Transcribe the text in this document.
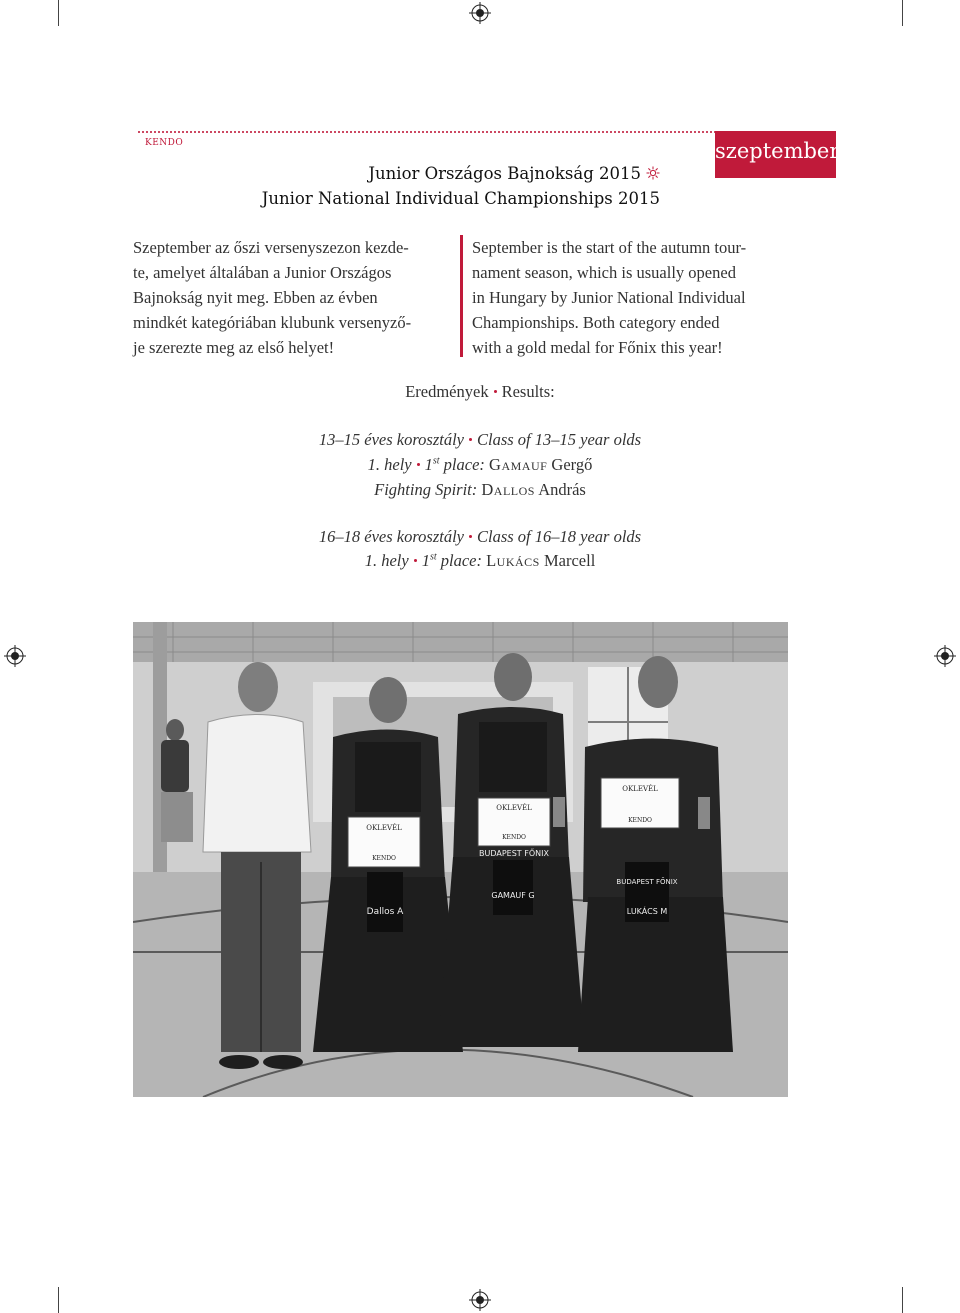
kendo	szeptember
Junior Országos Bajnokság 2015
Junior National Individual Championships 2015
Szeptember az őszi versenyszezon kezde-
te, amelyet általában a Junior Országos
Bajnokság nyit meg. Ebben az évben
mindkét kategóriában klubunk versenyző-
je szerezte meg az első helyet!
September is the start of the autumn tour-
nament season, which is usually opened
in Hungary by Junior National Individual
Championships. Both category ended
with a gold medal for Főnix this year!
Eredmények Results:
13–15 éves korosztály Class of 13–15 year olds
1. hely 1st place: Gamauf Gergő
Fighting Spirit: Dallos András
16–18 éves korosztály Class of 16–18 year olds
1. hely 1st place: Lukács Marcell
OKLEVÉL
KENDO
Dallos A
OKLEVÉL
KENDO
BUDAPEST FŐNIX
GAMAUF G
OKLEVÉL
KENDO
BUDAPEST FŐNIX
LUKÁCS M
